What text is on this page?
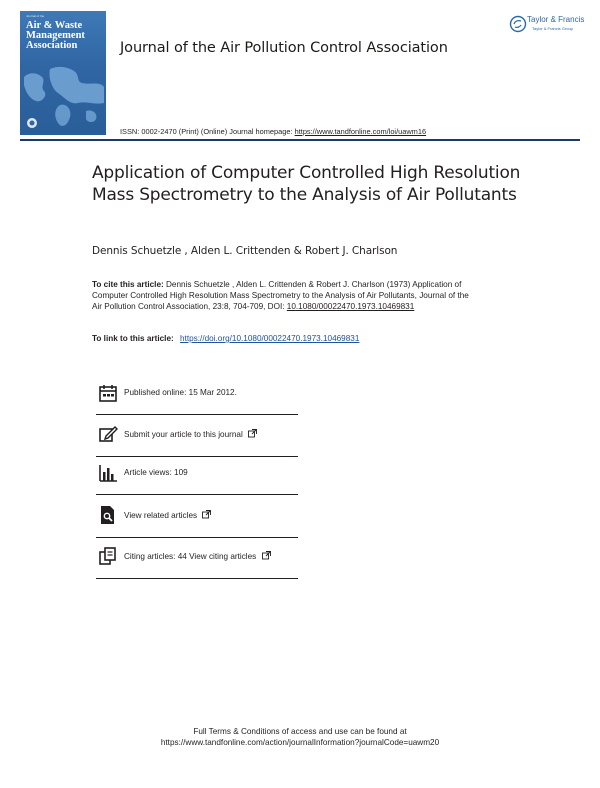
Journal of the
Air & Waste
Management
Association	Journal of the Air Pollution Control Association
Taylor & Francis
Taylor & Francis Group
ISSN: 0002-2470 (Print) (Online) Journal homepage: https://www.tandfonline.com/loi/uawm16
Application of Computer Controlled High Resolution Mass Spectrometry to the Analysis of Air Pollutants
Dennis Schuetzle , Alden L. Crittenden & Robert J. Charlson
To cite this article: Dennis Schuetzle , Alden L. Crittenden & Robert J. Charlson (1973) Application of Computer Controlled High Resolution Mass Spectrometry to the Analysis of Air Pollutants, Journal of the Air Pollution Control Association, 23:8, 704-709, DOI: 10.1080/00022470.1973.10469831
To link to this article: https://doi.org/10.1080/00022470.1973.10469831
Published online: 15 Mar 2012.
Submit your article to this journal
Article views: 109
View related articles
Citing articles: 44 View citing articles
Full Terms & Conditions of access and use can be found at
https://www.tandfonline.com/action/journalInformation?journalCode=uawm20
